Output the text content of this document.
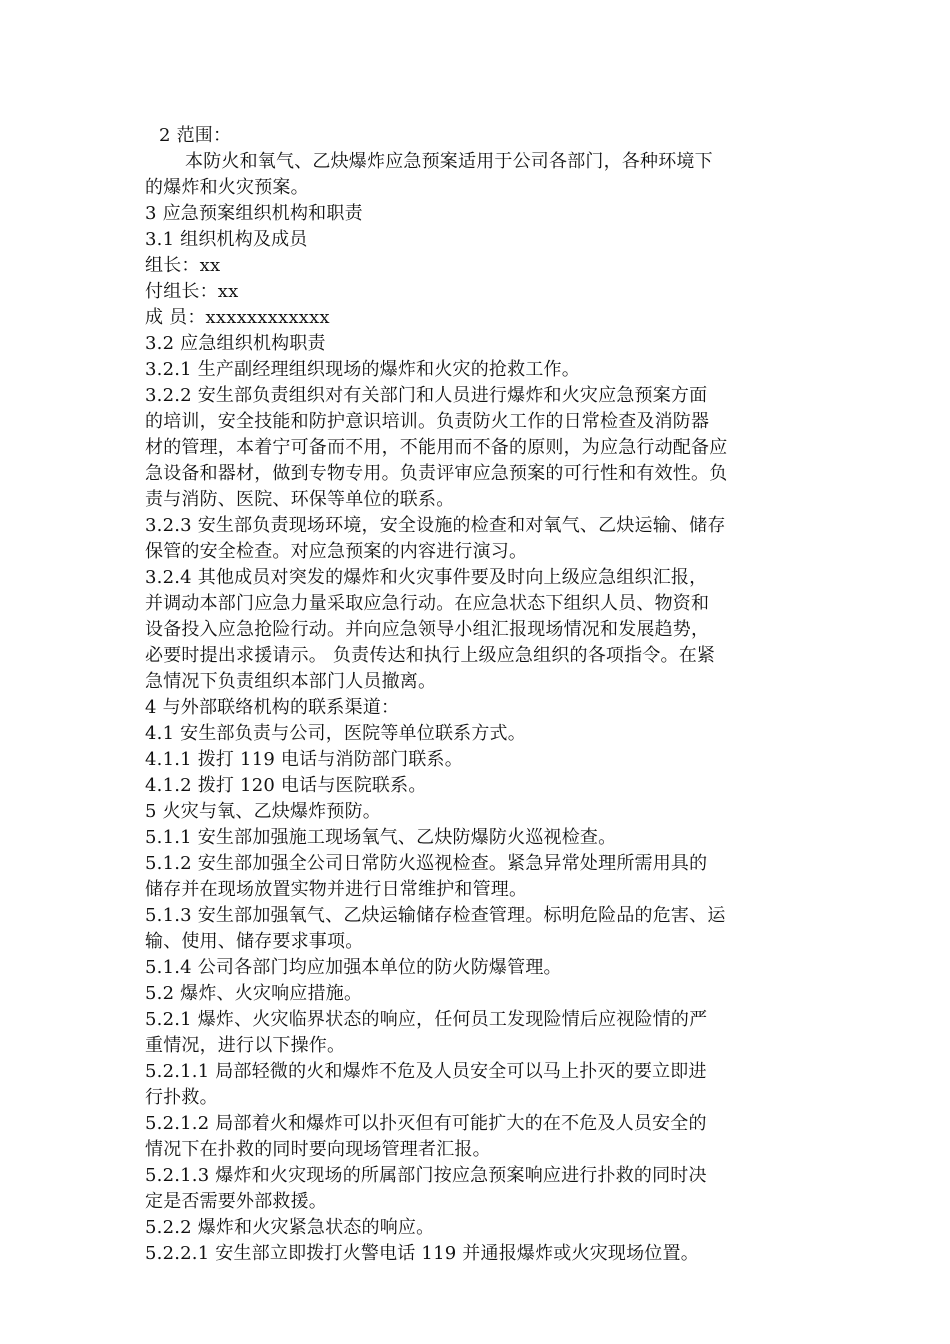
2 范围：
本防火和氧气、乙炔爆炸应急预案适用于公司各部门，各种环境下
的爆炸和火灾预案。
3 应急预案组织机构和职责
3.1 组织机构及成员
组长：xx
付组长：xx
成 员：xxxxxxxxxxxx
3.2 应急组织机构职责
3.2.1 生产副经理组织现场的爆炸和火灾的抢救工作。
3.2.2 安生部负责组织对有关部门和人员进行爆炸和火灾应急预案方面
的培训，安全技能和防护意识培训。负责防火工作的日常检查及消防器
材的管理，本着宁可备而不用，不能用而不备的原则，为应急行动配备应
急设备和器材，做到专物专用。负责评审应急预案的可行性和有效性。负
责与消防、医院、环保等单位的联系。
3.2.3 安生部负责现场环境，安全设施的检查和对氧气、乙炔运输、储存
保管的安全检查。对应急预案的内容进行演习。
3.2.4 其他成员对突发的爆炸和火灾事件要及时向上级应急组织汇报，
并调动本部门应急力量采取应急行动。在应急状态下组织人员、物资和
设备投入应急抢险行动。并向应急领导小组汇报现场情况和发展趋势，
必要时提出求援请示。 负责传达和执行上级应急组织的各项指令。在紧
急情况下负责组织本部门人员撤离。
4 与外部联络机构的联系渠道：
4.1 安生部负责与公司，医院等单位联系方式。
4.1.1 拨打 119 电话与消防部门联系。
4.1.2 拨打 120 电话与医院联系。
5 火灾与氧、乙炔爆炸预防。
5.1.1 安生部加强施工现场氧气、乙炔防爆防火巡视检查。
5.1.2 安生部加强全公司日常防火巡视检查。紧急异常处理所需用具的
储存并在现场放置实物并进行日常维护和管理。
5.1.3 安生部加强氧气、乙炔运输储存检查管理。标明危险品的危害、运
输、使用、储存要求事项。
5.1.4 公司各部门均应加强本单位的防火防爆管理。
5.2 爆炸、火灾响应措施。
5.2.1 爆炸、火灾临界状态的响应，任何员工发现险情后应视险情的严
重情况，进行以下操作。
5.2.1.1 局部轻微的火和爆炸不危及人员安全可以马上扑灭的要立即进
行扑救。
5.2.1.2 局部着火和爆炸可以扑灭但有可能扩大的在不危及人员安全的
情况下在扑救的同时要向现场管理者汇报。
5.2.1.3 爆炸和火灾现场的所属部门按应急预案响应进行扑救的同时决
定是否需要外部救援。
5.2.2 爆炸和火灾紧急状态的响应。
5.2.2.1 安生部立即拨打火警电话 119 并通报爆炸或火灾现场位置。
